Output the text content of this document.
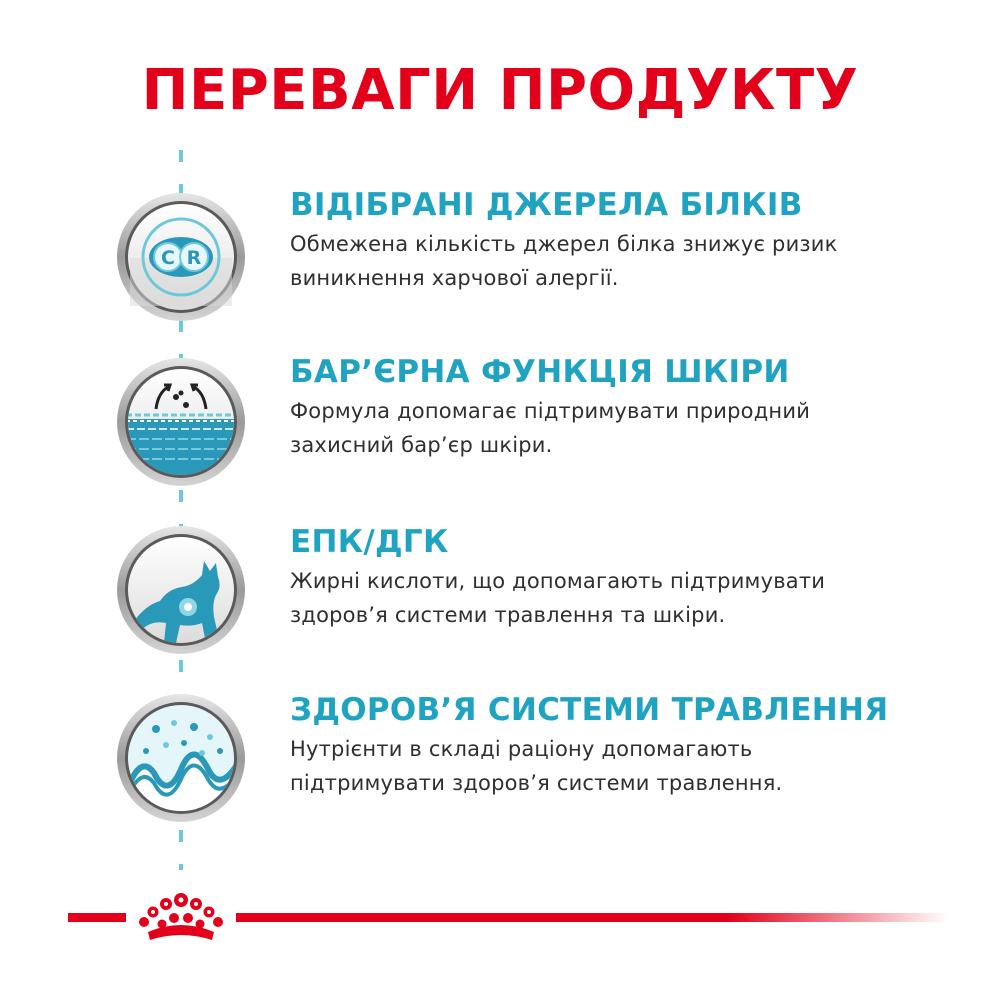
ПЕРЕВАГИ ПРОДУКТУ
C R
ВІДІБРАНІ ДЖЕРЕЛА БІЛКІВ

Обмежена кількість джерел білка знижує ризик
виникнення харчової алергії.

БАР’ЄРНА ФУНКЦІЯ ШКІРИ

Формула допомагає підтримувати природний
захисний бар’єр шкіри.

ЕПК/ДГК

Жирні кислоти, що допомагають підтримувати
здоров’я системи травлення та шкіри.

ЗДОРОВ’Я СИСТЕМИ ТРАВЛЕННЯ

Нутрієнти в складі раціону допомагають
підтримувати здоров’я системи травлення.
